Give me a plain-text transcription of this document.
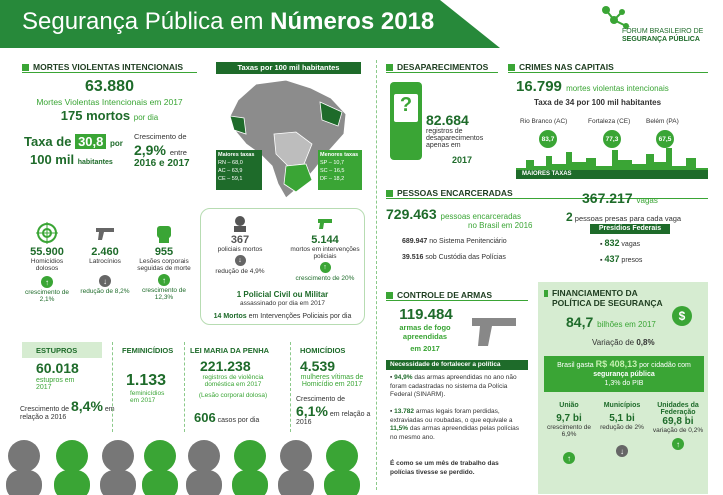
Segurança Pública em Números 2018	FÓRUM BRASILEIRO DE
SEGURANÇA PÚBLICA
MORTES VIOLENTAS INTENCIONAIS
63.880
Mortes Violentas Intencionais em 2017
175 mortos por dia
Taxa de 30,8 por
100 mil habitantes
Crescimento de
2,9% entre
2016 e 2017
Taxas por 100 mil habitantes
Maiores taxas
RN – 68,0
AC – 63,9
CE – 59,1
Menores taxas
SP – 10,7
SC – 16,5
DF – 18,2
55.900
Homicídios dolosos
↑
crescimento de 2,1%
2.460
Latrocínios
↓
redução de 8,2%
955
Lesões corporais seguidas de morte
↑
crescimento de 12,3%
367
policiais mortos
↓
redução de 4,9%
5.144
mortos em intervenções policiais
↑
crescimento de 20%
1 Policial Civil ou Militar
assassinado por dia em 2017
14 Mortos em Intervenções Policiais por dia
ESTUPROS
60.018
estupros em 2017
Crescimento de 8,4% em relação a 2016
FEMINICÍDIOS
1.133
feminicídios em 2017
LEI MARIA DA PENHA
221.238
registros de violência doméstica em 2017
(Lesão corporal dolosa)
606 casos por dia
HOMICÍDIOS
4.539
mulheres vítimas de Homicídio em 2017
Crescimento de 6,1% em relação a 2016
DESAPARECIMENTOS
?
82.684
registros de desaparecimentos apenas em
2017
CRIMES NAS CAPITAIS
16.799 mortes violentas intencionais
Taxa de 34 por 100 mil habitantes
Rio Branco (AC)	Fortaleza (CE) Belém (PA)
83,7	77,3	67,5
MAIORES TAXAS
PESSOAS ENCARCERADAS
729.463 pessoas encarceradas
no Brasil em 2016
689.947 no Sistema Penitenciário
39.516 sob Custódia das Polícias
367.217 vagas
2 pessoas presas para cada vaga
Presídios Federais
▪ 832 vagas
▪ 437 presos
CONTROLE DE ARMAS
119.484
armas de fogo apreendidas
em 2017
Necessidade de fortalecer a política
▪ 94,9% das armas apreendidas no ano não foram cadastradas no sistema da Polícia Federal (SINARM).
▪ 13.782 armas legais foram perdidas, extraviadas ou roubadas, o que equivale a 11,5% das armas apreendidas pelas polícias no mesmo ano.
É como se um mês de trabalho das polícias tivesse se perdido.
FINANCIAMENTO DA POLÍTICA DE SEGURANÇA
84,7 bilhões em 2017
$
Variação de 0,8%
Brasil gasta R$ 408,13 por cidadão com
segurança pública
1,3% do PIB
União
9,7 bi
crescimento de 6,9%
↑
Municípios
5,1 bi
redução de 2%
↓
Unidades da Federação
69,8 bi
variação de 0,2%
↑
